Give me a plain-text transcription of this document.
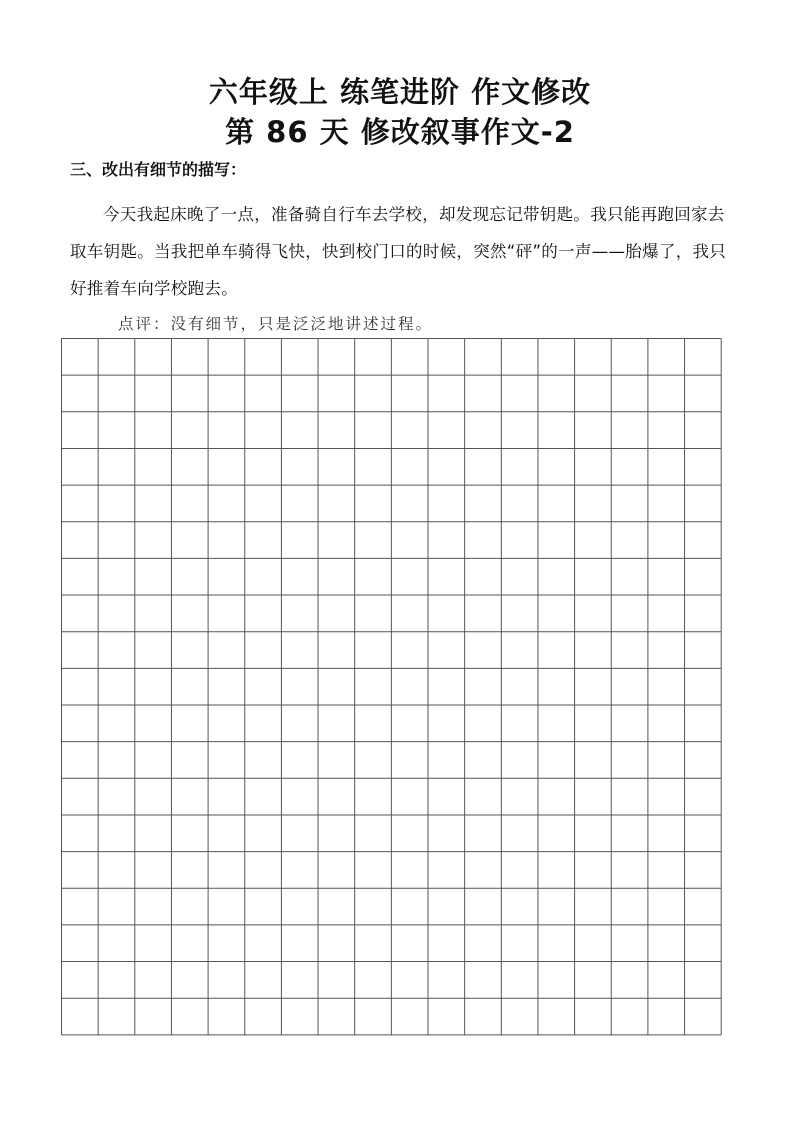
六年级上 练笔进阶 作文修改
第 86 天 修改叙事作文-2
三、改出有细节的描写：

今天我起床晚了一点，准备骑自行车去学校，却发现忘记带钥匙。我只能再跑回家去取车钥匙。当我把单车骑得飞快，快到校门口的时候，突然“砰”的一声——胎爆了，我只好推着车向学校跑去。

点评：没有细节，只是泛泛地讲述过程。
